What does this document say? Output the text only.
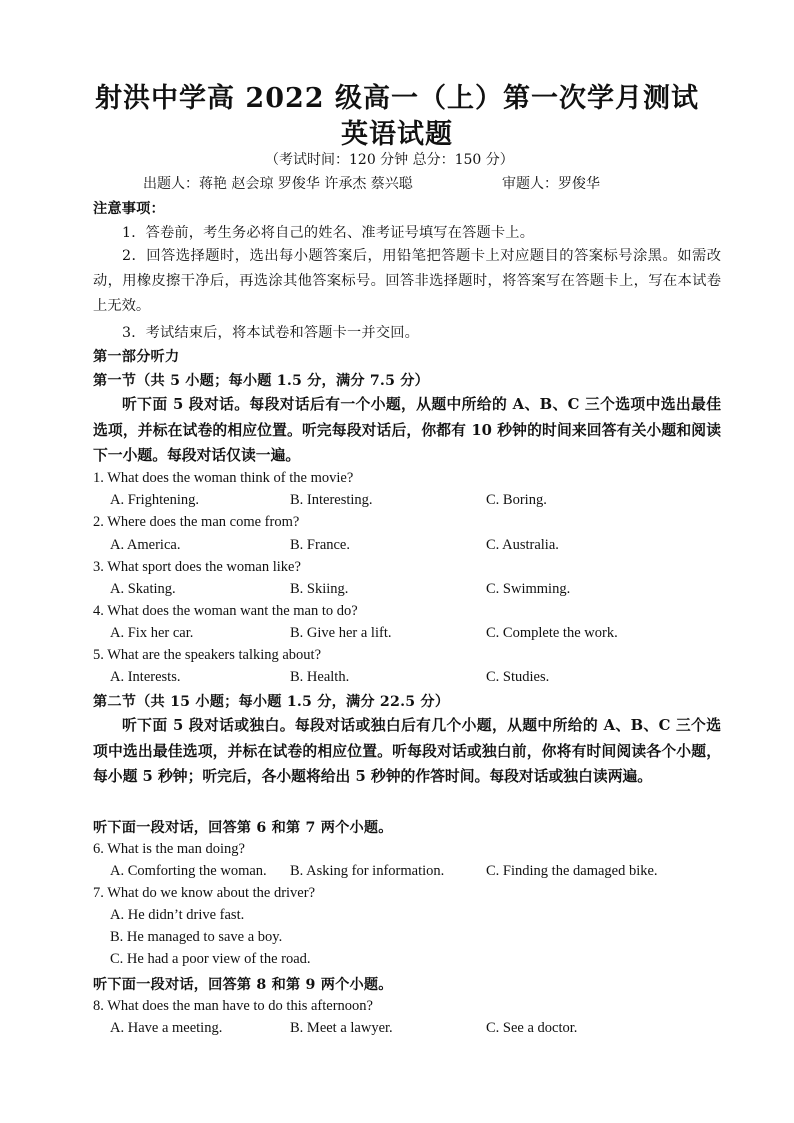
射洪中学高 2022 级高一（上）第一次学月测试
英语试题
（考试时间：120 分钟 总分：150 分）
出题人：蒋艳 赵会琼 罗俊华 许承杰 蔡兴聪	审题人：罗俊华
注意事项：
1．答卷前，考生务必将自己的姓名、准考证号填写在答题卡上。
2．回答选择题时，选出每小题答案后，用铅笔把答题卡上对应题目的答案标号涂黑。如需改动，用橡皮擦干净后，再选涂其他答案标号。回答非选择题时，将答案写在答题卡上，写在本试卷上无效。
3．考试结束后，将本试卷和答题卡一并交回。
第一部分听力
第一节（共 5 小题；每小题 1.5 分，满分 7.5 分）
听下面 5 段对话。每段对话后有一个小题，从题中所给的 A、B、C 三个选项中选出最佳选项，并标在试卷的相应位置。听完每段对话后，你都有 10 秒钟的时间来回答有关小题和阅读下一小题。每段对话仅读一遍。
1. What does the woman think of the movie?
A. Frightening.	B. Interesting.	C. Boring.
2. Where does the man come from?
A. America.	B. France.	C. Australia.
3. What sport does the woman like?
A. Skating.	B. Skiing.	C. Swimming.
4. What does the woman want the man to do?
A. Fix her car.	B. Give her a lift.	C. Complete the work.
5. What are the speakers talking about?
A. Interests.	B. Health.	C. Studies.
第二节（共 15 小题；每小题 1.5 分，满分 22.5 分）
听下面 5 段对话或独白。每段对话或独白后有几个小题，从题中所给的 A、B、C 三个选项中选出最佳选项，并标在试卷的相应位置。听每段对话或独白前，你将有时间阅读各个小题，每小题 5 秒钟；听完后，各小题将给出 5 秒钟的作答时间。每段对话或独白读两遍。
听下面一段对话，回答第 6 和第 7 两个小题。
6. What is the man doing?
A. Comforting the woman. B. Asking for information.	C. Finding the damaged bike.
7. What do we know about the driver?
A. He didn’t drive fast.
B. He managed to save a boy.
C. He had a poor view of the road.
听下面一段对话，回答第 8 和第 9 两个小题。
8. What does the man have to do this afternoon?
A. Have a meeting.	B. Meet a lawyer.	C. See a doctor.
